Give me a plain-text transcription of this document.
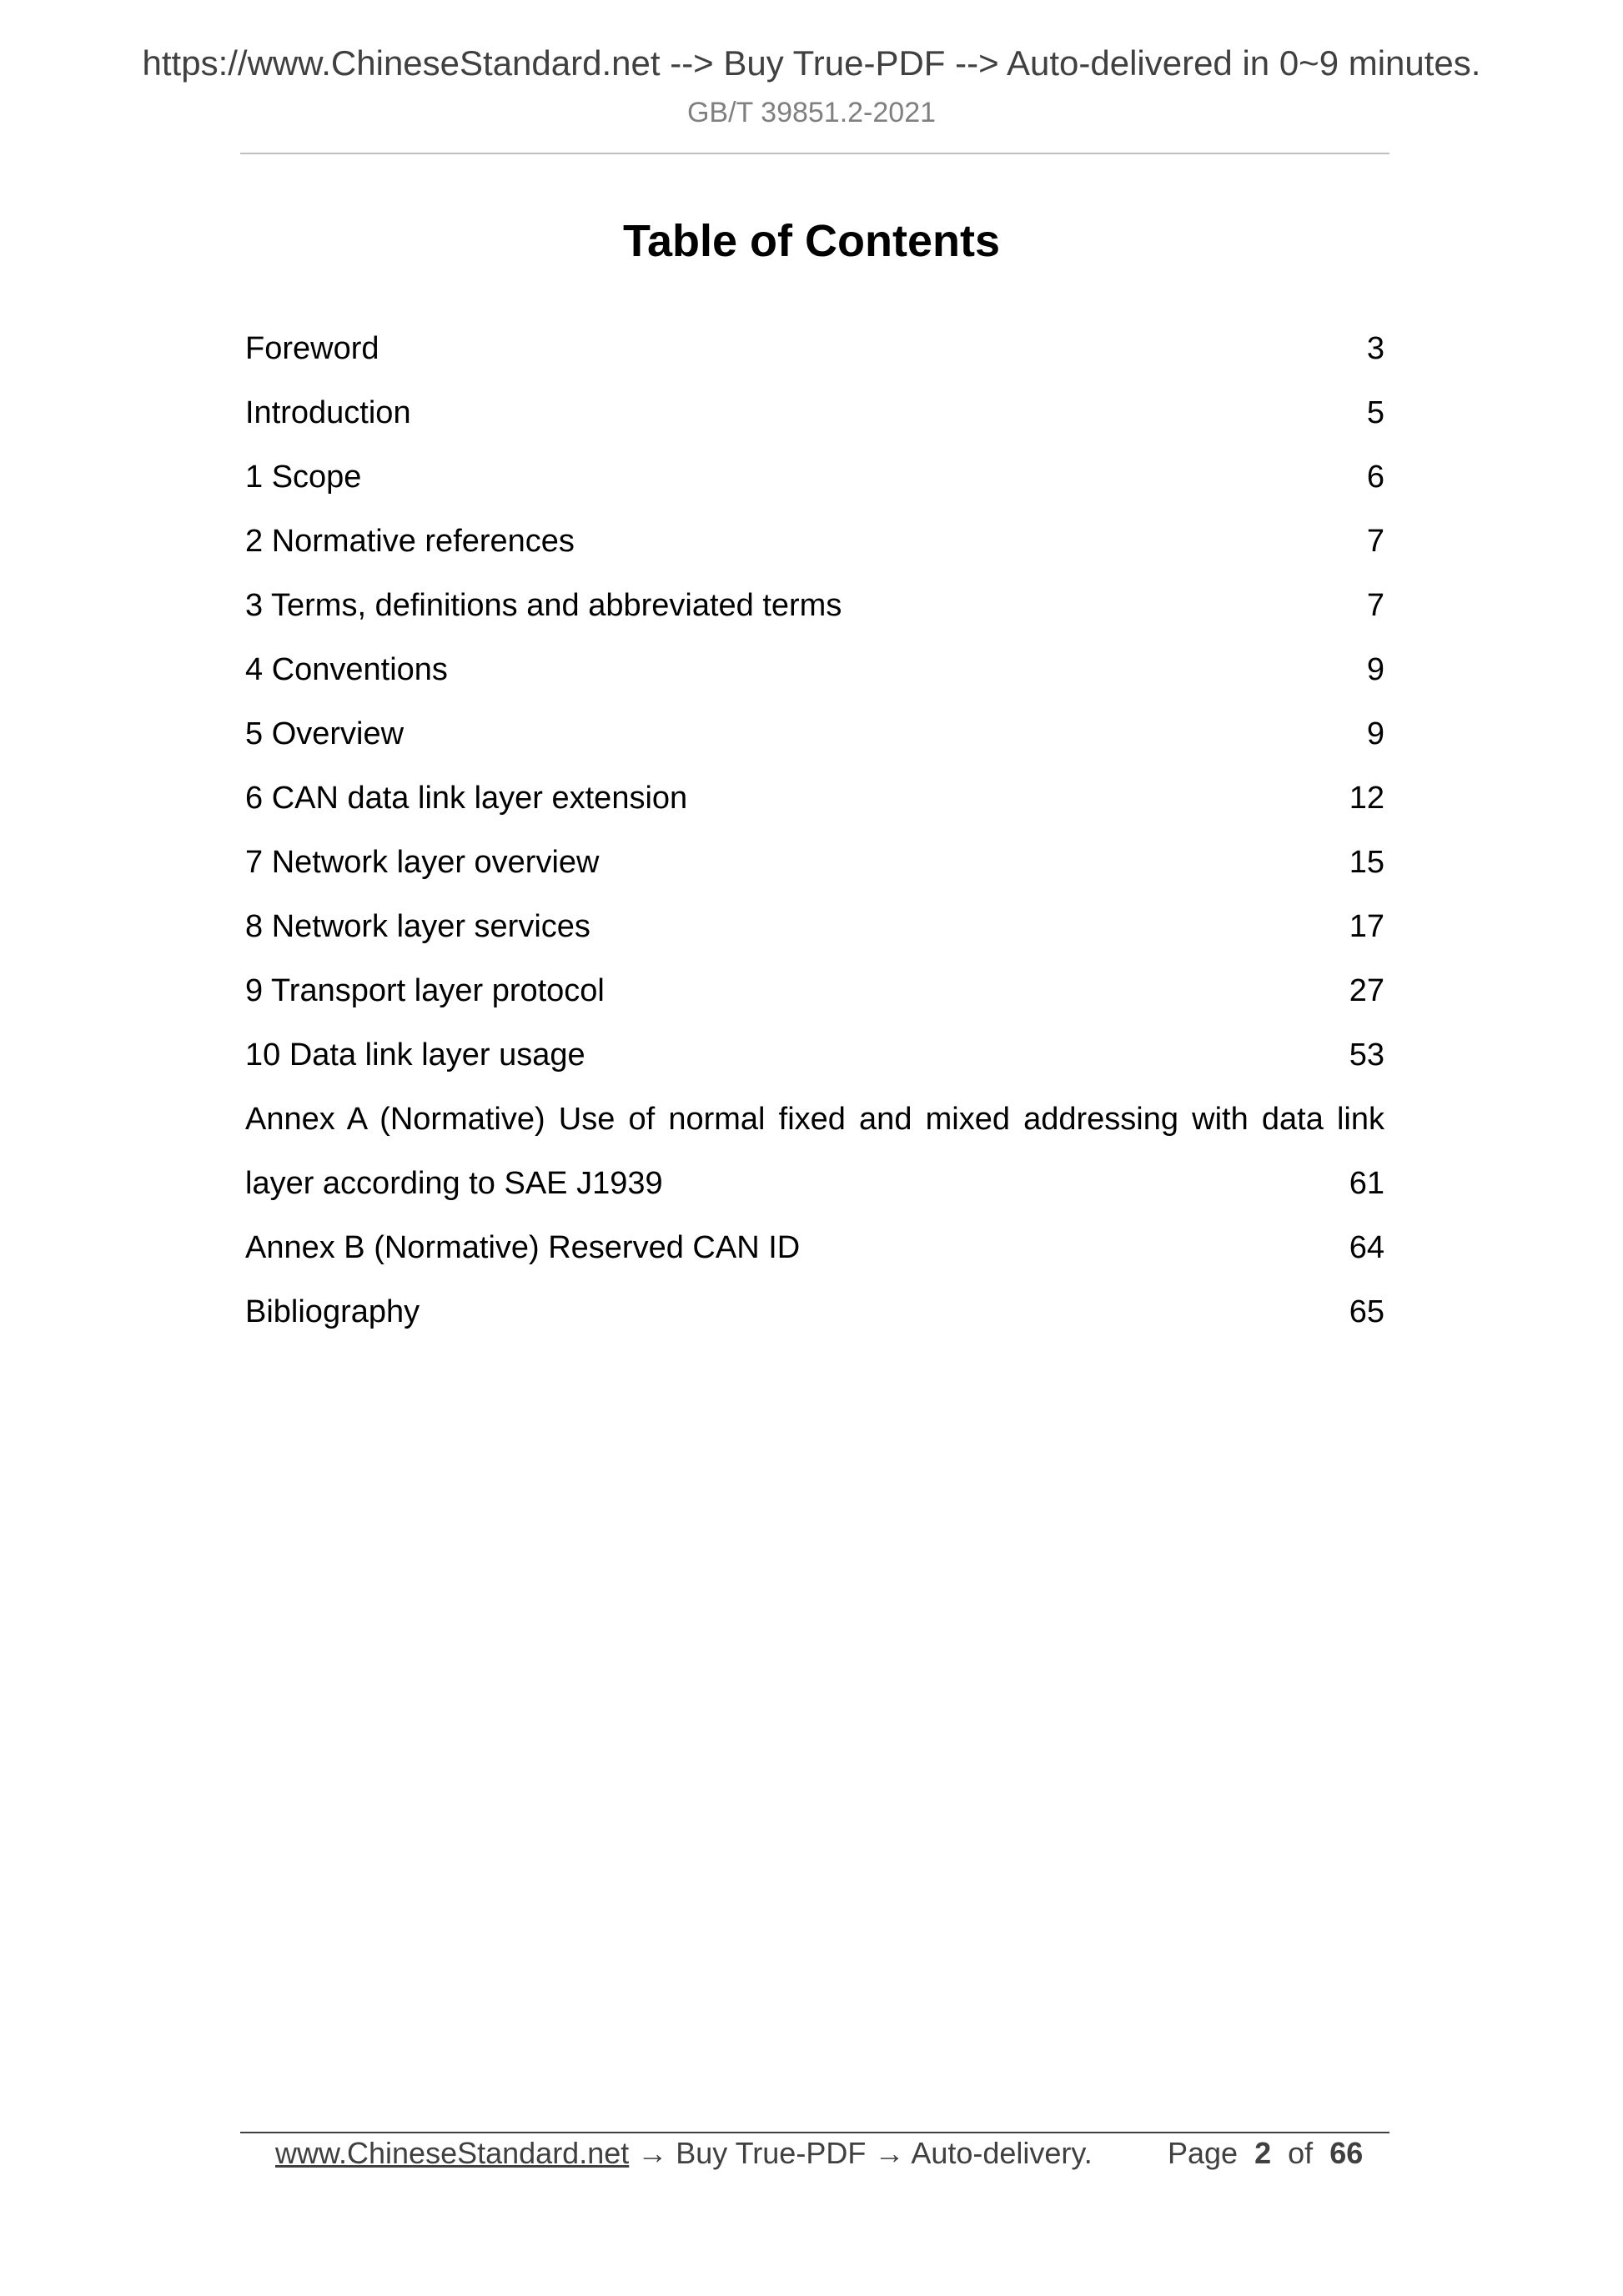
https://www.ChineseStandard.net --> Buy True-PDF --> Auto-delivered in 0~9 minutes.
GB/T 39851.2-2021
Table of Contents
Foreword	3
Introduction	5
1 Scope	6
2 Normative references	7
3 Terms, definitions and abbreviated terms	7
4 Conventions	9
5 Overview	9
6 CAN data link layer extension	12
7 Network layer overview	15
8 Network layer services	17
9 Transport layer protocol	27
10 Data link layer usage	53
Annex A (Normative) Use of normal fixed and mixed addressing with data link
layer according to SAE J1939	61
Annex B (Normative) Reserved CAN ID	64
Bibliography	65
www.ChineseStandard.net → Buy True-PDF → Auto-delivery.	Page 2 of 66
